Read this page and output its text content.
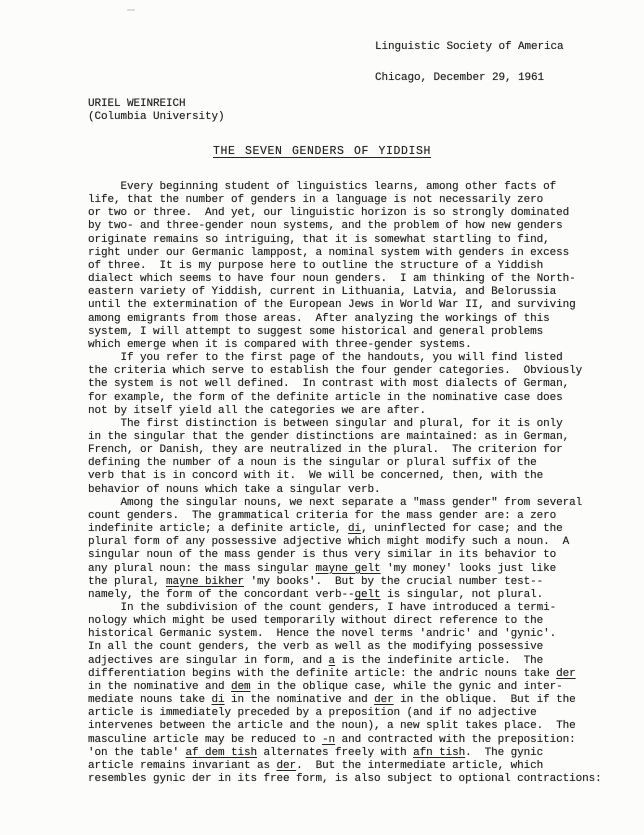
Linguistic Society of America
Chicago, December 29, 1961
URIEL WEINREICH
(Columbia University)
THE SEVEN GENDERS OF YIDDISH
Every beginning student of linguistics learns, among other facts of
life, that the number of genders in a language is not necessarily zero
or two or three.  And yet, our linguistic horizon is so strongly dominated
by two- and three-gender noun systems, and the problem of how new genders
originate remains so intriguing, that it is somewhat startling to find,
right under our Germanic lamppost, a nominal system with genders in excess
of three.  It is my purpose here to outline the structure of a Yiddish
dialect which seems to have four noun genders.  I am thinking of the North-
eastern variety of Yiddish, current in Lithuania, Latvia, and Belorussia
until the extermination of the European Jews in World War II, and surviving
among emigrants from those areas.  After analyzing the workings of this
system, I will attempt to suggest some historical and general problems
which emerge when it is compared with three-gender systems.
If you refer to the first page of the handouts, you will find listed
the criteria which serve to establish the four gender categories.  Obviously
the system is not well defined.  In contrast with most dialects of German,
for example, the form of the definite article in the nominative case does
not by itself yield all the categories we are after.
The first distinction is between singular and plural, for it is only
in the singular that the gender distinctions are maintained: as in German,
French, or Danish, they are neutralized in the plural.  The criterion for
defining the number of a noun is the singular or plural suffix of the
verb that is in concord with it.  We will be concerned, then, with the
behavior of nouns which take a singular verb.
Among the singular nouns, we next separate a "mass gender" from several
count genders.  The grammatical criteria for the mass gender are: a zero
indefinite article; a definite article, di, uninflected for case; and the
plural form of any possessive adjective which might modify such a noun.  A
singular noun of the mass gender is thus very similar in its behavior to
any plural noun: the mass singular mayne gelt 'my money' looks just like
the plural, mayne bikher 'my books'.  But by the crucial number test--
namely, the form of the concordant verb--gelt is singular, not plural.
In the subdivision of the count genders, I have introduced a termi-
nology which might be used temporarily without direct reference to the
historical Germanic system.  Hence the novel terms 'andric' and 'gynic'.
In all the count genders, the verb as well as the modifying possessive
adjectives are singular in form, and a is the indefinite article.  The
differentiation begins with the definite article: the andric nouns take der
in the nominative and dem in the oblique case, while the gynic and inter-
mediate nouns take di in the nominative and der in the oblique.  But if the
article is immediately preceded by a preposition (and if no adjective
intervenes between the article and the noun), a new split takes place.  The
masculine article may be reduced to -n and contracted with the preposition:
'on the table' af dem tish alternates freely with afn tish.  The gynic
article remains invariant as der.  But the intermediate article, which
resembles gynic der in its free form, is also subject to optional contractions:
